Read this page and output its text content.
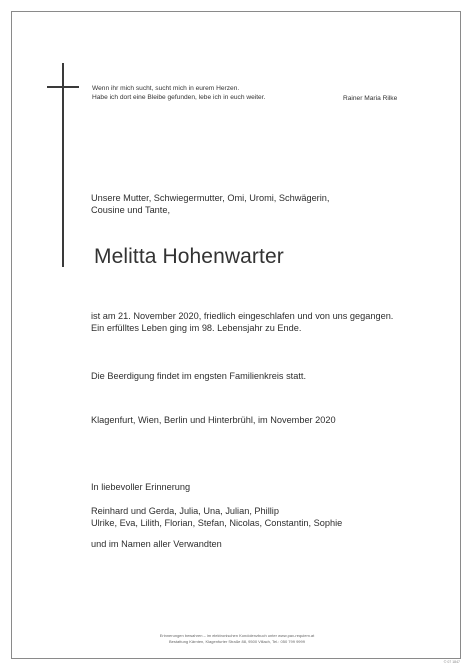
Wenn ihr mich sucht, sucht mich in eurem Herzen.
Habe ich dort eine Bleibe gefunden, lebe ich in euch weiter.	Rainer Maria Rilke
Unsere Mutter, Schwiegermutter, Omi, Uromi, Schwägerin,
Cousine und Tante,
Melitta Hohenwarter
ist am 21. November 2020, friedlich eingeschlafen und von uns gegangen.
Ein erfülltes Leben ging im 98. Lebensjahr zu Ende.
Die Beerdigung findet im engsten Familienkreis statt.
Klagenfurt, Wien, Berlin und Hinterbrühl, im November 2020
In liebevoller Erinnerung
Reinhard und Gerda, Julia, Una, Julian, Phillip
Ulrike, Eva, Lilith, Florian, Stefan, Nicolas, Constantin, Sophie
und im Namen aller Verwandten
Erinnerungen bewahren – im elektronischen Kondolenzbuch unter www.pax-requiem.at
Bestattung Kärnten, Klagenfurter Straße 88, 9500 Villach, Tel.: 050 799 9999
© 07 1847
